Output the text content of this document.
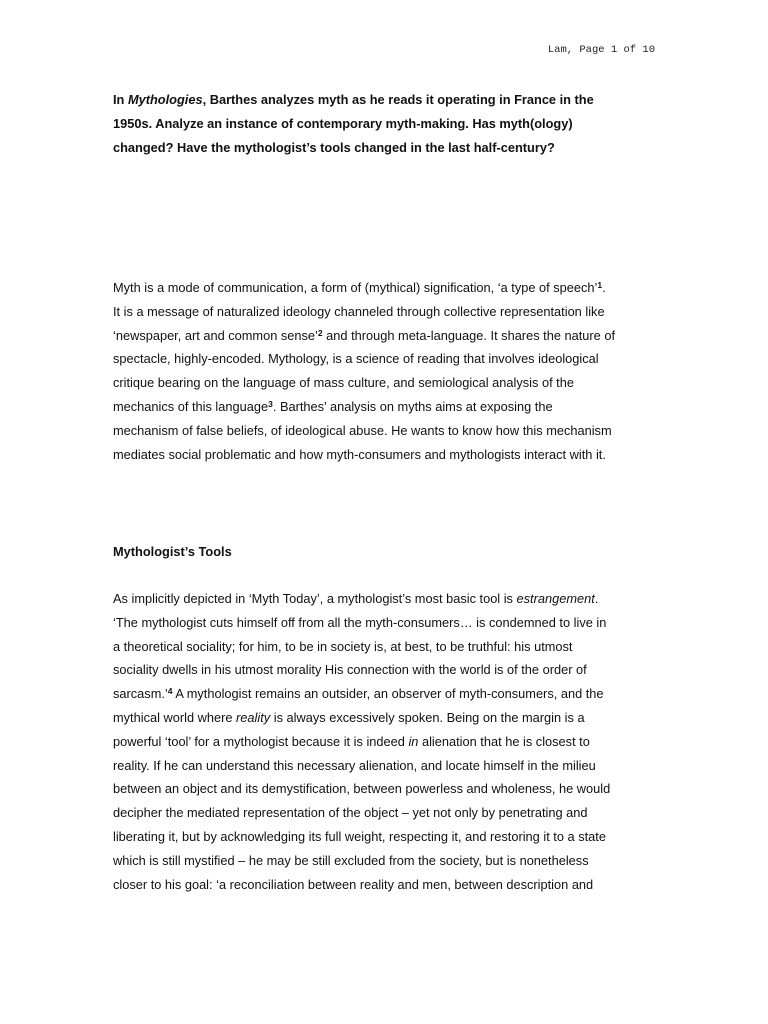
Lam, Page 1 of 10
In Mythologies, Barthes analyzes myth as he reads it operating in France in the
1950s. Analyze an instance of contemporary myth-making. Has myth(ology)
changed? Have the mythologist’s tools changed in the last half-century?
Myth is a mode of communication, a form of (mythical) signification, ‘a type of speech’$^1$.
It is a message of naturalized ideology channeled through collective representation like
‘newspaper, art and common sense’$^2$ and through meta-language. It shares the nature of
spectacle, highly-encoded. Mythology, is a science of reading that involves ideological
critique bearing on the language of mass culture, and semiological analysis of the
mechanics of this language$^3$. Barthes’ analysis on myths aims at exposing the
mechanism of false beliefs, of ideological abuse. He wants to know how this mechanism
mediates social problematic and how myth-consumers and mythologists interact with it.
Mythologist’s Tools
As implicitly depicted in ‘Myth Today’, a mythologist’s most basic tool is estrangement.
‘The mythologist cuts himself off from all the myth-consumers… is condemned to live in
a theoretical sociality; for him, to be in society is, at best, to be truthful: his utmost
sociality dwells in his utmost morality His connection with the world is of the order of
sarcasm.’$^4$ A mythologist remains an outsider, an observer of myth-consumers, and the
mythical world where reality is always excessively spoken. Being on the margin is a
powerful ‘tool’ for a mythologist because it is indeed in alienation that he is closest to
reality. If he can understand this necessary alienation, and locate himself in the milieu
between an object and its demystification, between powerless and wholeness, he would
decipher the mediated representation of the object – yet not only by penetrating and
liberating it, but by acknowledging its full weight, respecting it, and restoring it to a state
which is still mystified – he may be still excluded from the society, but is nonetheless
closer to his goal: ‘a reconciliation between reality and men, between description and
